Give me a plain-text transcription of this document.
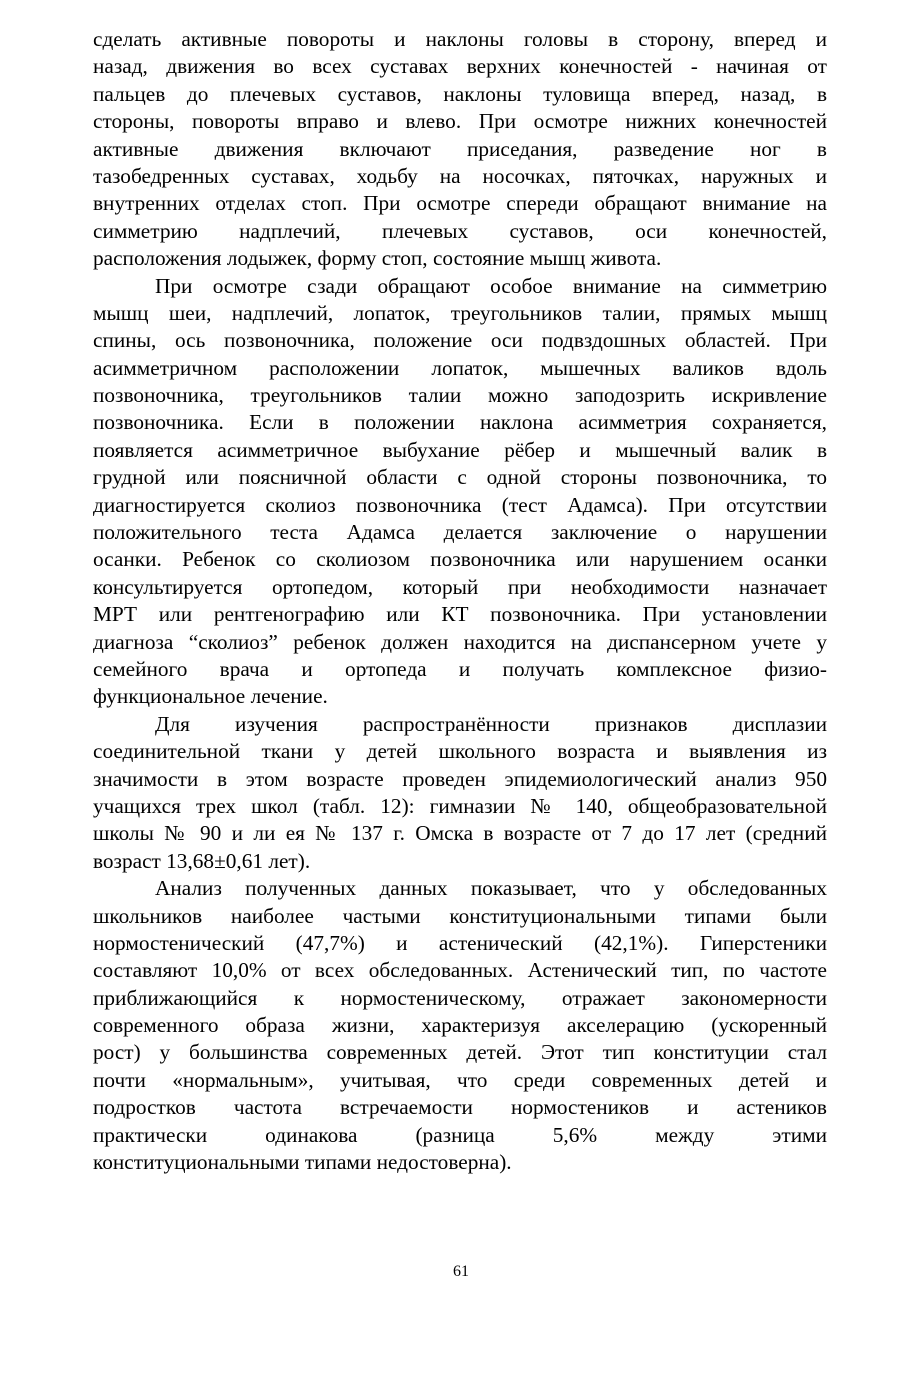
сделать активные повороты и наклоны головы в сторону, вперед и
назад, движения во всех суставах верхних конечностей - начиная от
пальцев до плечевых суставов, наклоны туловища вперед, назад, в
стороны, повороты вправо и влево. При осмотре нижних конечностей
активные движения включают приседания, разведение ног в
тазобедренных суставах, ходьбу на носочках, пяточках, наружных и
внутренних отделах стоп. При осмотре спереди обращают внимание на
симметрию надплечий, плечевых суставов, оси конечностей,
расположения лодыжек, форму стоп, состояние мышц живота.
При осмотре сзади обращают особое внимание на симметрию
мышц шеи, надплечий, лопаток, треугольников талии, прямых мышц
спины, ось позвоночника, положение оси подвздошных областей. При
асимметричном расположении лопаток, мышечных валиков вдоль
позвоночника, треугольников талии можно заподозрить искривление
позвоночника. Если в положении наклона асимметрия сохраняется,
появляется асимметричное выбухание рёбер и мышечный валик в
грудной или поясничной области с одной стороны позвоночника, то
диагностируется сколиоз позвоночника (тест Адамса). При отсутствии
положительного теста Адамса делается заключение о нарушении
осанки. Ребенок со сколиозом позвоночника или нарушением осанки
консультируется ортопедом, который при необходимости назначает
МРТ или рентгенографию или КТ позвоночника. При установлении
диагноза “сколиоз” ребенок должен находится на диспансерном учете у
семейного врача и ортопеда и получать комплексное физио-
функциональное лечение.
Для изучения распространённости признаков дисплазии
соединительной ткани у детей школьного возраста и выявления из
значимости в этом возрасте проведен эпидемиологический анализ 950
учащихся трех школ (табл. 12): гимназии № 140, общеобразовательной
школы № 90 и ли ея № 137 г. Омска в возрасте от 7 до 17 лет (средний
возраст 13,68±0,61 лет).
Анализ полученных данных показывает, что у обследованных
школьников наиболее частыми конституциональными типами были
нормостенический (47,7%) и астенический (42,1%). Гиперстеники
составляют 10,0% от всех обследованных. Астенический тип, по частоте
приближающийся к нормостеническому, отражает закономерности
современного образа жизни, характеризуя акселерацию (ускоренный
рост) у большинства современных детей. Этот тип конституции стал
почти «нормальным», учитывая, что среди современных детей и
подростков частота встречаемости нормостеников и астеников
практически одинакова (разница 5,6% между этими
конституциональными типами недостоверна).
61
